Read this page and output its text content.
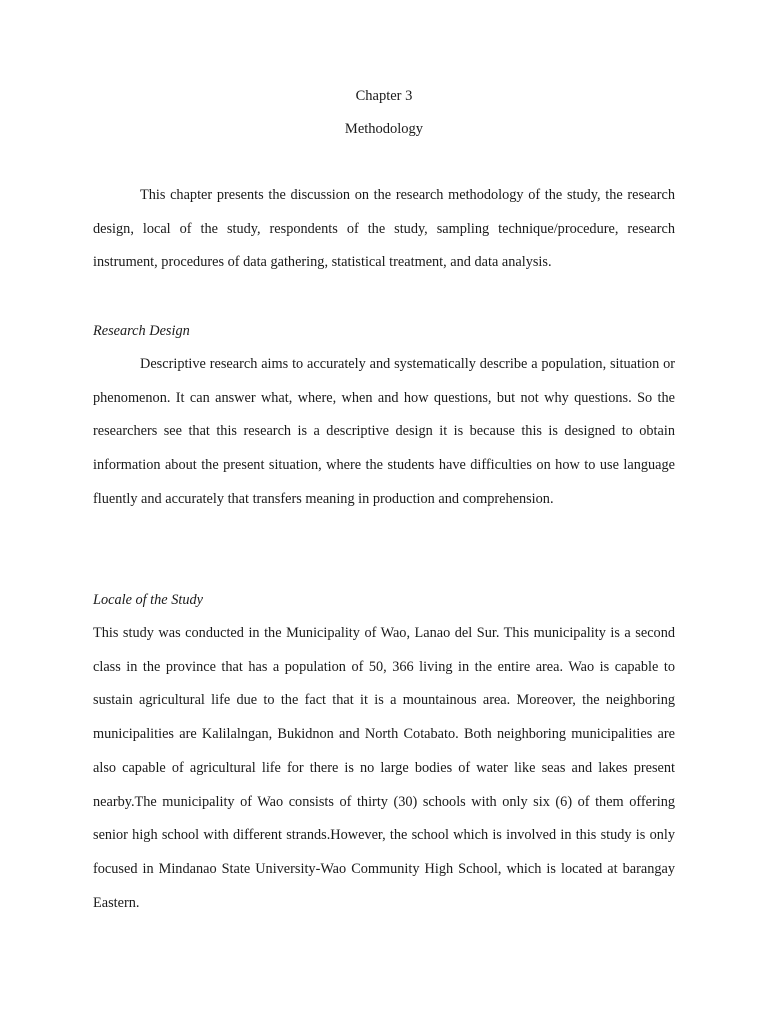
Chapter 3
Methodology

This chapter presents the discussion on the research methodology of the study, the research design, local of the study, respondents of the study, sampling technique/procedure, research instrument, procedures of data gathering, statistical treatment, and data analysis.

Research Design

Descriptive research aims to accurately and systematically describe a population, situation or phenomenon. It can answer what, where, when and how questions, but not why questions. So the researchers see that this research is a descriptive design it is because this is designed to obtain information about the present situation, where the students have difficulties on how to use language fluently and accurately that transfers meaning in production and comprehension.

Locale of the Study

This study was conducted in the Municipality of Wao, Lanao del Sur. This municipality is a second class in the province that has a population of 50, 366 living in the entire area. Wao is capable to sustain agricultural life due to the fact that it is a mountainous area. Moreover, the neighboring municipalities are Kalilalngan, Bukidnon and North Cotabato. Both neighboring municipalities are also capable of agricultural life for there is no large bodies of water like seas and lakes present nearby.The municipality of Wao consists of thirty (30) schools with only six (6) of them offering senior high school with different strands.However, the school which is involved in this study is only focused in Mindanao State University-Wao Community High School, which is located at barangay Eastern.
